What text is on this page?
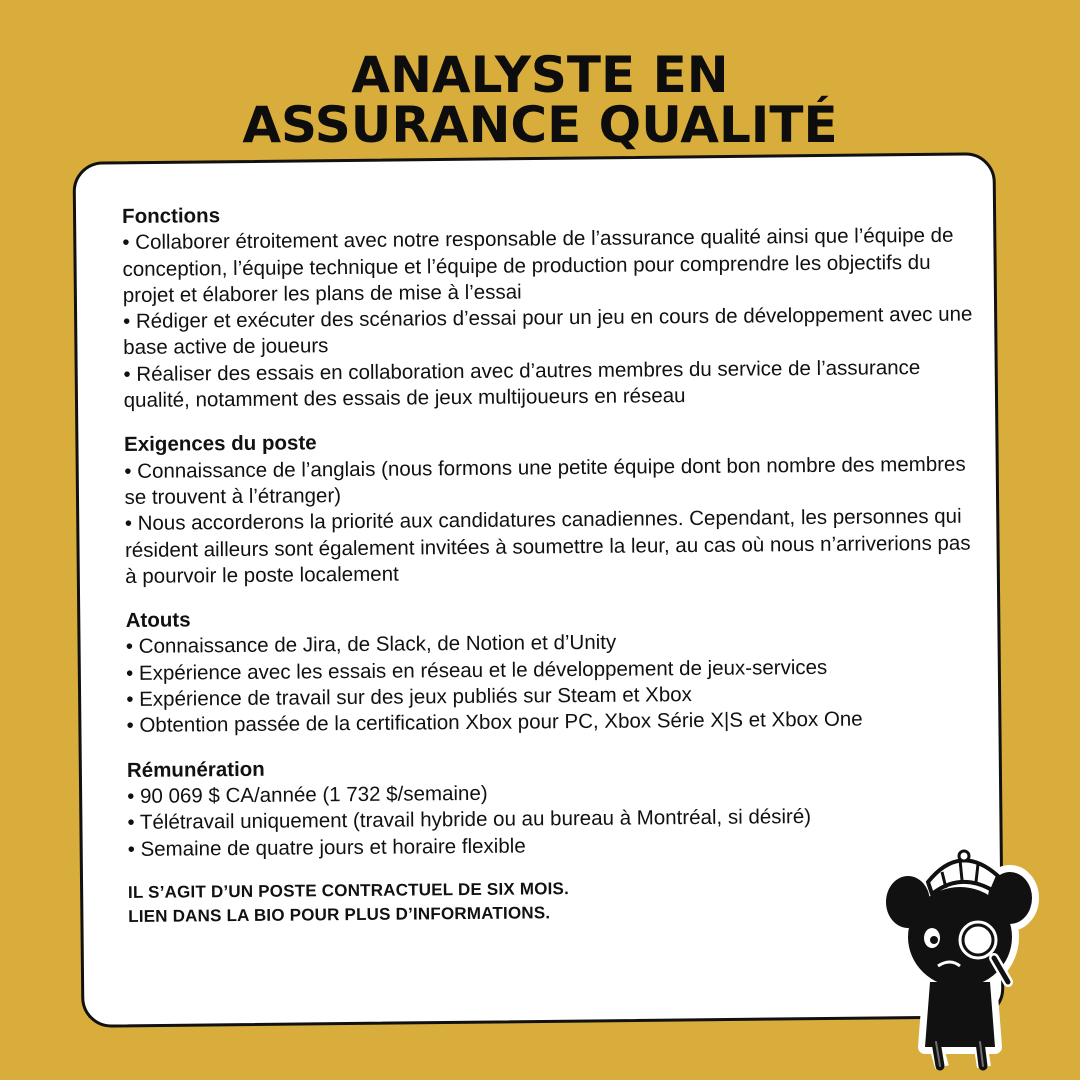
ANALYSTE EN
ASSURANCE QUALITÉ
Fonctions
• Collaborer étroitement avec notre responsable de l’assurance qualité ainsi que l’équipe de conception, l’équipe technique et l’équipe de production pour comprendre les objectifs du projet et élaborer les plans de mise à l’essai
• Rédiger et exécuter des scénarios d’essai pour un jeu en cours de développement avec une base active de joueurs
• Réaliser des essais en collaboration avec d’autres membres du service de l’assurance qualité, notamment des essais de jeux multijoueurs en réseau
Exigences du poste
• Connaissance de l’anglais (nous formons une petite équipe dont bon nombre des membres se trouvent à l’étranger)
• Nous accorderons la priorité aux candidatures canadiennes. Cependant, les personnes qui résident ailleurs sont également invitées à soumettre la leur, au cas où nous n’arriverions pas à pourvoir le poste localement
Atouts
• Connaissance de Jira, de Slack, de Notion et d’Unity
• Expérience avec les essais en réseau et le développement de jeux-services
• Expérience de travail sur des jeux publiés sur Steam et Xbox
• Obtention passée de la certification Xbox pour PC, Xbox Série X|S et Xbox One
Rémunération
• 90 069 $ CA/année (1 732 $/semaine)
• Télétravail uniquement (travail hybride ou au bureau à Montréal, si désiré)
• Semaine de quatre jours et horaire flexible
IL S’AGIT D’UN POSTE CONTRACTUEL DE SIX MOIS.
LIEN DANS LA BIO POUR PLUS D’INFORMATIONS.
